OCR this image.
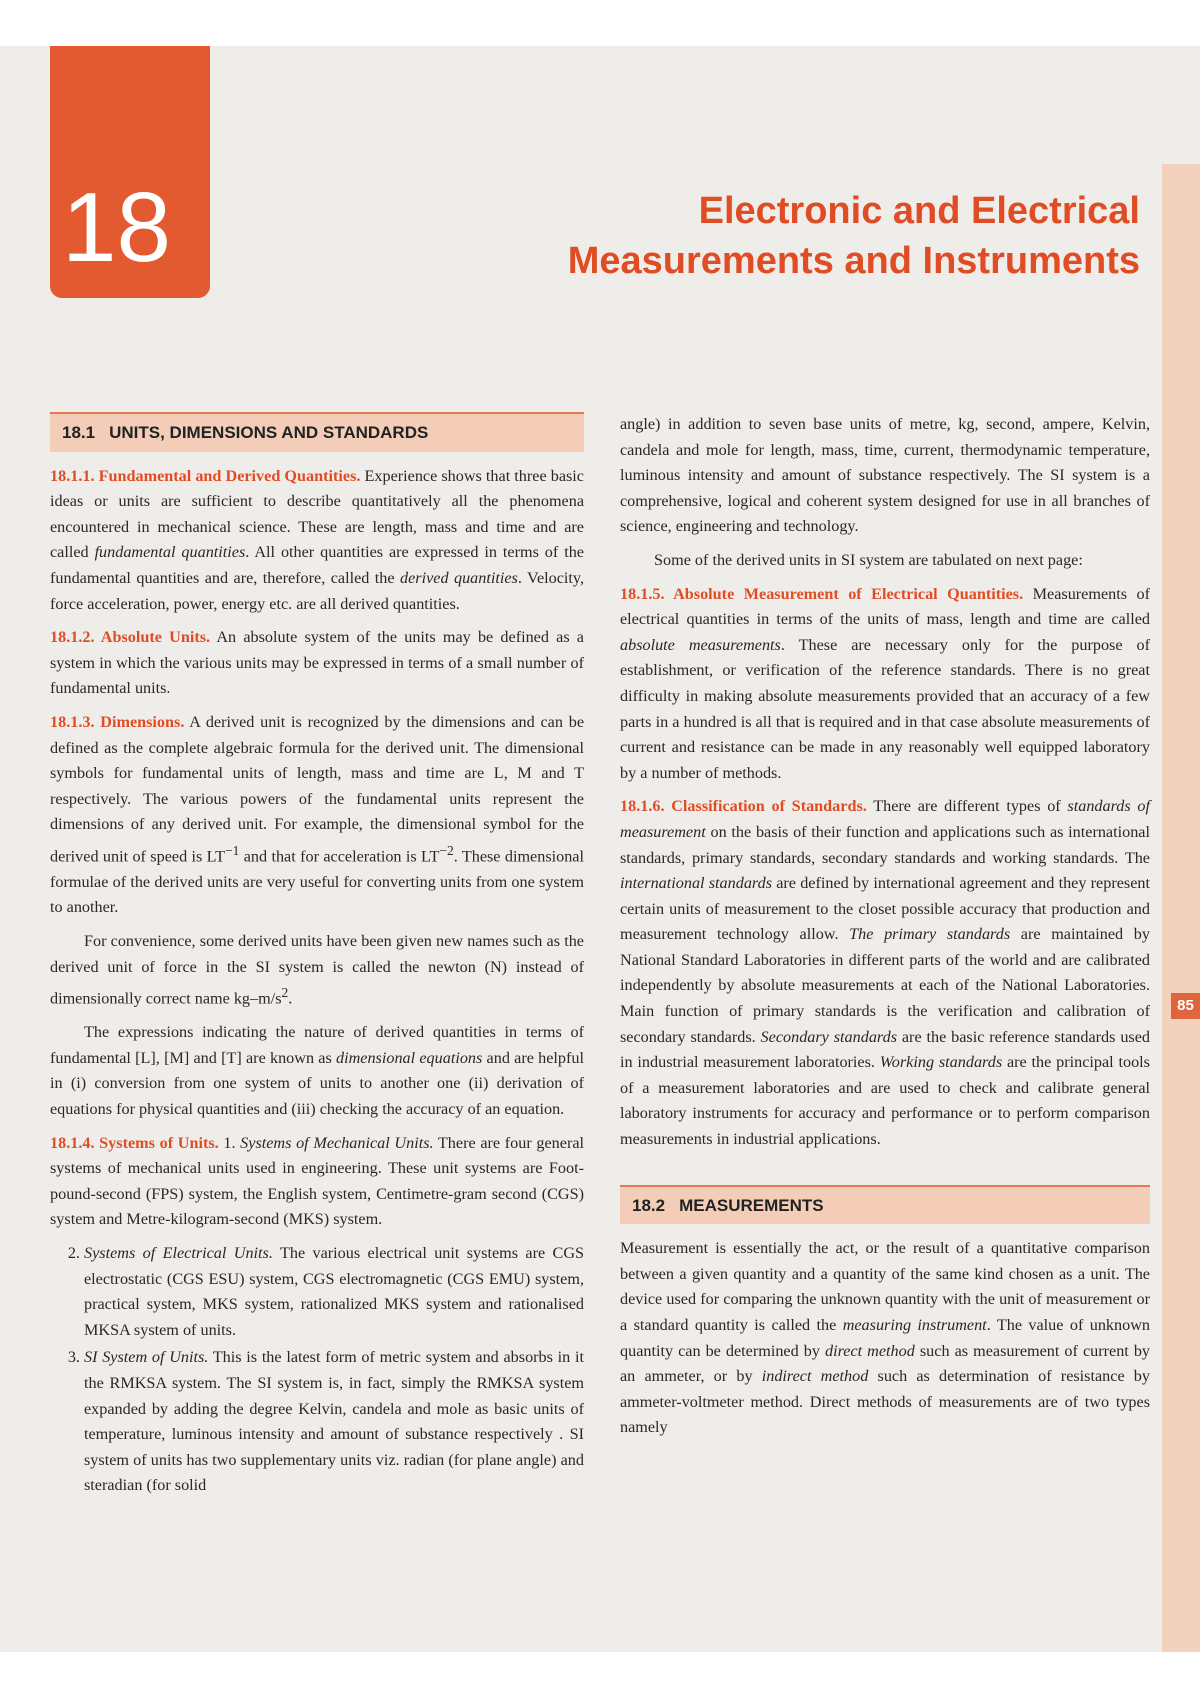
85
18	Electronic and Electrical
Measurements and Instruments
18.1 UNITS, DIMENSIONS AND STANDARDS

18.1.1. Fundamental and Derived Quantities. Experience shows that three basic ideas or units are sufficient to describe quantitatively all the phenomena encountered in mechanical science. These are length, mass and time and are called fundamental quantities. All other quantities are expressed in terms of the fundamental quantities and are, therefore, called the derived quantities. Velocity, force acceleration, power, energy etc. are all derived quantities.

18.1.2. Absolute Units. An absolute system of the units may be defined as a system in which the various units may be expressed in terms of a small number of fundamental units.

18.1.3. Dimensions. A derived unit is recognized by the dimensions and can be defined as the complete algebraic formula for the derived unit. The dimensional symbols for fundamental units of length, mass and time are L, M and T respectively. The various powers of the fundamental units represent the dimensions of any derived unit. For example, the dimensional symbol for the derived unit of speed is $LT^{-1}$ and that for acceleration is $LT^{-2}$. These dimensional formulae of the derived units are very useful for converting units from one system to another.

For convenience, some derived units have been given new names such as the derived unit of force in the SI system is called the newton (N) instead of dimensionally correct name $kg-m/s^2$.

The expressions indicating the nature of derived quantities in terms of fundamental [L], [M] and [T] are known as dimensional equations and are helpful in (i) conversion from one system of units to another one (ii) derivation of equations for physical quantities and (iii) checking the accuracy of an equation.

18.1.4. Systems of Units. 1. Systems of Mechanical Units. There are four general systems of mechanical units used in engineering. These unit systems are Foot-pound-second (FPS) system, the English system, Centimetre-gram second (CGS) system and Metre-kilogram-second (MKS) system.

2. Systems of Electrical Units. The various electrical unit systems are CGS electrostatic (CGS ESU) system, CGS electromagnetic (CGS EMU) system, practical system, MKS system, rationalized MKS system and rationalised MKSA system of units.
3. SI System of Units. This is the latest form of metric system and absorbs in it the RMKSA system. The SI system is, in fact, simply the RMKSA system expanded by adding the degree Kelvin, candela and mole as basic units of temperature, luminous intensity and amount of substance respectively . SI system of units has two supplementary units viz. radian (for plane angle) and steradian (for solid

angle) in addition to seven base units of metre, kg, second, ampere, Kelvin, candela and mole for length, mass, time, current, thermodynamic temperature, luminous intensity and amount of substance respectively. The SI system is a comprehensive, logical and coherent system designed for use in all branches of science, engineering and technology.

Some of the derived units in SI system are tabulated on next page:

18.1.5. Absolute Measurement of Electrical Quantities. Measurements of electrical quantities in terms of the units of mass, length and time are called absolute measurements. These are necessary only for the purpose of establishment, or verification of the reference standards. There is no great difficulty in making absolute measurements provided that an accuracy of a few parts in a hundred is all that is required and in that case absolute measurements of current and resistance can be made in any reasonably well equipped laboratory by a number of methods.

18.1.6. Classification of Standards. There are different types of standards of measurement on the basis of their function and applications such as international standards, primary standards, secondary standards and working standards. The international standards are defined by international agreement and they represent certain units of measurement to the closet possible accuracy that production and measurement technology allow. The primary standards are maintained by National Standard Laboratories in different parts of the world and are calibrated independently by absolute measurements at each of the National Laboratories. Main function of primary standards is the verification and calibration of secondary standards. Secondary standards are the basic reference standards used in industrial measurement laboratories. Working standards are the principal tools of a measurement laboratories and are used to check and calibrate general laboratory instruments for accuracy and performance or to perform comparison measurements in industrial applications.

18.2 MEASUREMENTS

Measurement is essentially the act, or the result of a quantitative comparison between a given quantity and a quantity of the same kind chosen as a unit. The device used for comparing the unknown quantity with the unit of measurement or a standard quantity is called the measuring instrument. The value of unknown quantity can be determined by direct method such as measurement of current by an ammeter, or by indirect method such as determination of resistance by ammeter-voltmeter method. Direct methods of measurements are of two types namely
